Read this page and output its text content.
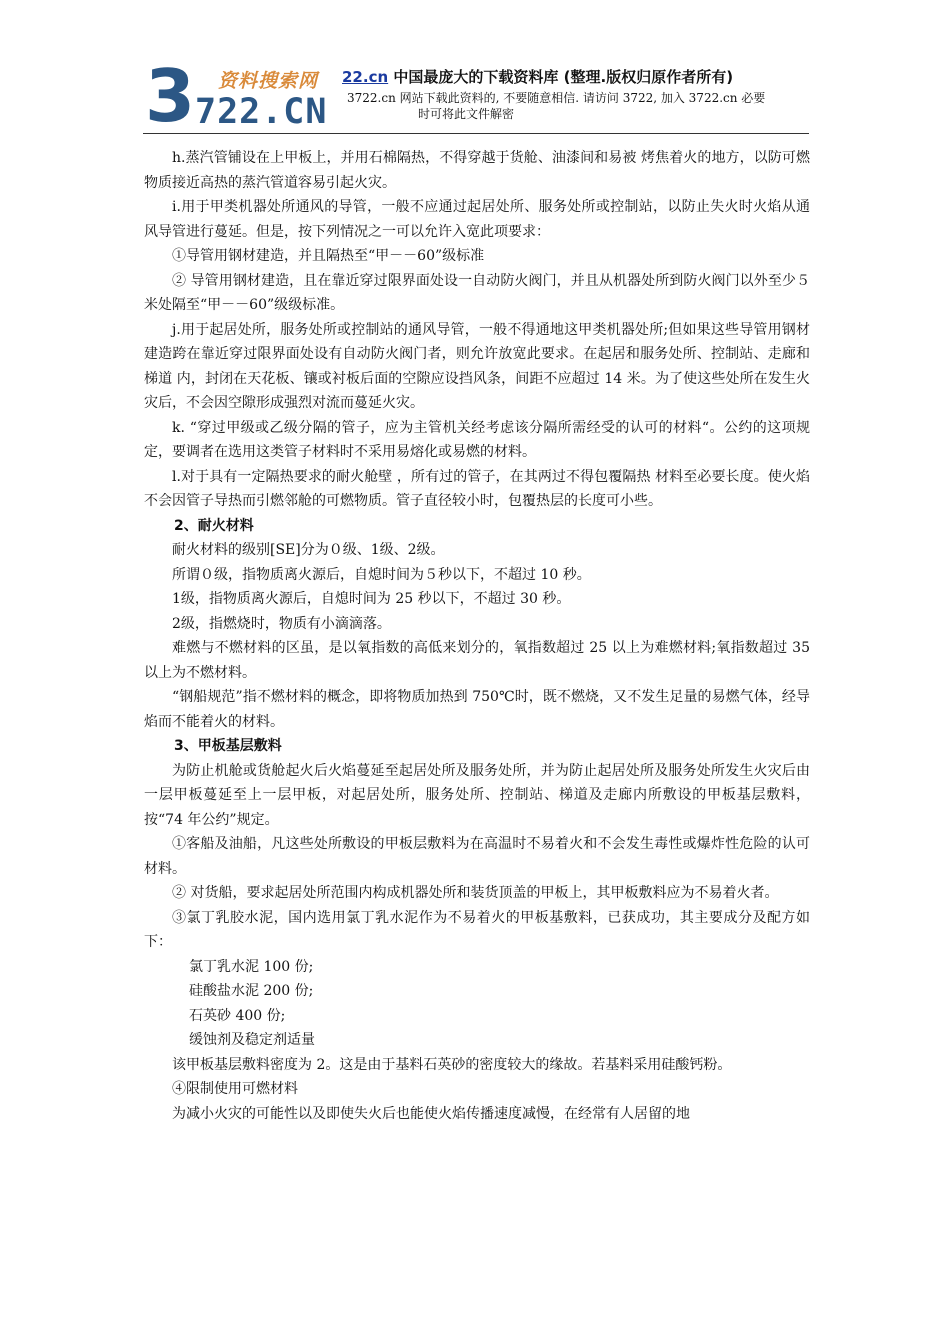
3 资料搜索网
722.CN
22.cn 中国最庞大的下载资料库 (整理.版权归原作者所有)
3722.cn 网站下载此资料的, 不要随意相信. 请访问 3722, 加入 3722.cn 必要
时可将此文件解密

h.蒸汽管铺设在上甲板上，并用石棉隔热，不得穿越于货舱、油漆间和易被 烤焦着火的地方，以防可燃物质接近高热的蒸汽管道容易引起火灾。

i.用于甲类机器处所通风的导管，一般不应通过起居处所、服务处所或控制站，以防止失火时火焰从通风导管进行蔓延。但是，按下列情况之一可以允许入宽此项要求：

①导管用钢材建造，并且隔热至“甲－－60”级标准

② 导管用钢材建造，且在靠近穿过限界面处设一自动防火阀门，并且从机器处所到防火阀门以外至少５米处隔至“甲－－60”级级标准。

j.用于起居处所，服务处所或控制站的通风导管，一般不得通地这甲类机器处所;但如果这些导管用钢材建造跨在靠近穿过限界面处设有自动防火阀门者，则允许放宽此要求。在起居和服务处所、控制站、走廊和梯道 内，封闭在天花板、镶或衬板后面的空隙应设挡风条，间距不应超过 14 米。为了使这些处所在发生火灾后，不会因空隙形成强烈对流而蔓延火灾。

k. “穿过甲级或乙级分隔的管子，应为主管机关经考虑该分隔所需经受的认可的材料“。公约的这项规定，要调者在选用这类管子材料时不采用易熔化或易燃的材料。

l.对于具有一定隔热要求的耐火舱壁 ，所有过的管子，在其两过不得包覆隔热 材料至必要长度。使火焰不会因管子导热而引燃邻舱的可燃物质。管子直径较小时，包覆热层的长度可小些。

2、耐火材料

耐火材料的级别[SE]分为０级、1级、2级。

所谓０级，指物质离火源后，自熄时间为５秒以下，不超过 10 秒。

1级，指物质离火源后，自熄时间为 25 秒以下，不超过 30 秒。

2级，指燃烧时，物质有小滴滴落。

难燃与不燃材料的区虽，是以氧指数的高低来划分的，氧指数超过 25 以上为难燃材料;氧指数超过 35 以上为不燃材料。

“钢船规范”指不燃材料的概念，即将物质加热到 750℃时，既不燃烧，又不发生足量的易燃气体，经导焰而不能着火的材料。

3、甲板基层敷料

为防止机舱或货舱起火后火焰蔓延至起居处所及服务处所，并为防止起居处所及服务处所发生火灾后由一层甲板蔓延至上一层甲板，对起居处所，服务处所、控制站、梯道及走廊内所敷设的甲板基层敷料，按“74 年公约”规定。

①客船及油船，凡这些处所敷设的甲板层敷料为在高温时不易着火和不会发生毒性或爆炸性危险的认可材料。

② 对货船，要求起居处所范围内构成机器处所和装货顶盖的甲板上，其甲板敷料应为不易着火者。

③氯丁乳胶水泥，国内选用氯丁乳水泥作为不易着火的甲板基敷料，已获成功，其主要成分及配方如下：

氯丁乳水泥 100 份;

硅酸盐水泥 200 份;

石英砂 400 份;

缓蚀剂及稳定剂适量

该甲板基层敷料密度为 2。这是由于基料石英砂的密度较大的缘故。若基料采用硅酸钙粉。

④限制使用可燃材料

为减小火灾的可能性以及即使失火后也能使火焰传播速度减慢，在经常有人居留的地
